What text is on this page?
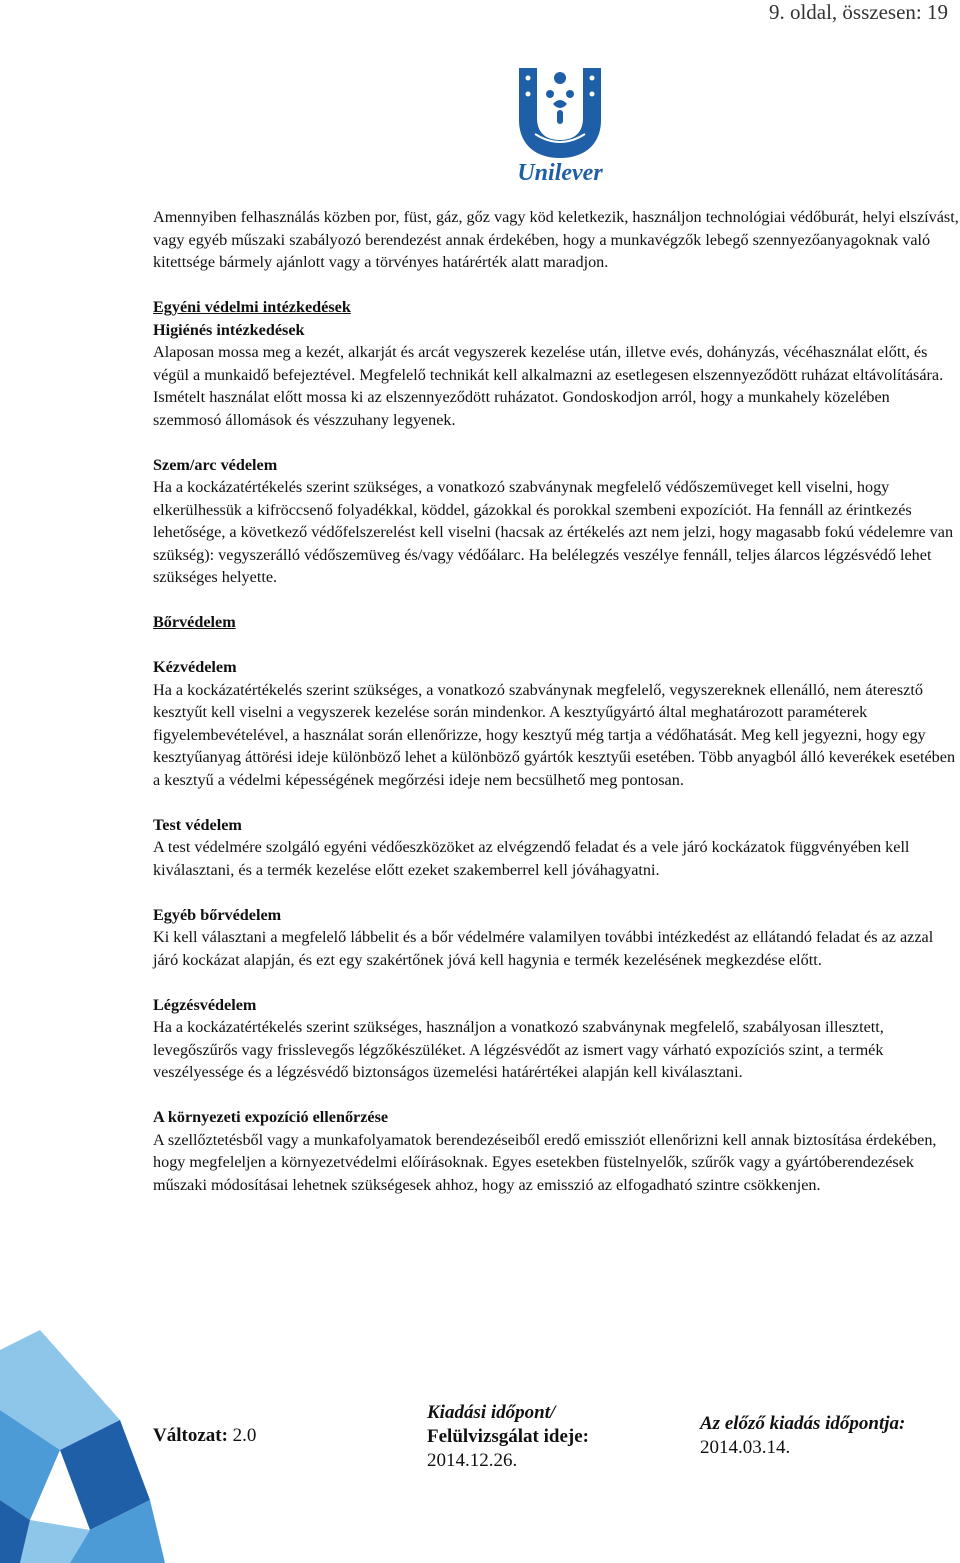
9. oldal, összesen: 19
Unilever

Amennyiben felhasználás közben por, füst, gáz, gőz vagy köd keletkezik, használjon technológiai védőburát, helyi elszívást, vagy egyéb műszaki szabályozó berendezést annak érdekében, hogy a munkavégzők lebegő szennyezőanyagoknak való kitettsége bármely ajánlott vagy a törvényes határérték alatt maradjon.

Egyéni védelmi intézkedések

Higiénés intézkedések

Alaposan mossa meg a kezét, alkarját és arcát vegyszerek kezelése után, illetve evés, dohányzás, vécéhasználat előtt, és végül a munkaidő befejeztével. Megfelelő technikát kell alkalmazni az esetlegesen elszennyeződött ruházat eltávolítására. Ismételt használat előtt mossa ki az elszennyeződött ruházatot. Gondoskodjon arról, hogy a munkahely közelében szemmosó állomások és vészzuhany legyenek.

Szem/arc védelem

Ha a kockázatértékelés szerint szükséges, a vonatkozó szabványnak megfelelő védőszemüveget kell viselni, hogy elkerülhessük a kifröccsenő folyadékkal, köddel, gázokkal és porokkal szembeni expozíciót. Ha fennáll az érintkezés lehetősége, a következő védőfelszerelést kell viselni (hacsak az értékelés azt nem jelzi, hogy magasabb fokú védelemre van szükség): vegyszerálló védőszemüveg és/vagy védőálarc. Ha belélegzés veszélye fennáll, teljes álarcos légzésvédő lehet szükséges helyette.

Bőrvédelem

Kézvédelem

Ha a kockázatértékelés szerint szükséges, a vonatkozó szabványnak megfelelő, vegyszereknek ellenálló, nem áteresztő kesztyűt kell viselni a vegyszerek kezelése során mindenkor. A kesztyűgyártó által meghatározott paraméterek figyelembevételével, a használat során ellenőrizze, hogy kesztyű még tartja a védőhatását. Meg kell jegyezni, hogy egy kesztyűanyag áttörési ideje különböző lehet a különböző gyártók kesztyűi esetében. Több anyagból álló keverékek esetében a kesztyű a védelmi képességének megőrzési ideje nem becsülhető meg pontosan.

Test védelem

A test védelmére szolgáló egyéni védőeszközöket az elvégzendő feladat és a vele járó kockázatok függvényében kell kiválasztani, és a termék kezelése előtt ezeket szakemberrel kell jóváhagyatni.

Egyéb bőrvédelem

Ki kell választani a megfelelő lábbelit és a bőr védelmére valamilyen további intézkedést az ellátandó feladat és az azzal járó kockázat alapján, és ezt egy szakértőnek jóvá kell hagynia e termék kezelésének megkezdése előtt.

Légzésvédelem

Ha a kockázatértékelés szerint szükséges, használjon a vonatkozó szabványnak megfelelő, szabályosan illesztett, levegőszűrős vagy frisslevegős légzőkészüléket. A légzésvédőt az ismert vagy várható expozíciós szint, a termék veszélyessége és a légzésvédő biztonságos üzemelési határértékei alapján kell kiválasztani.

A környezeti expozíció ellenőrzése

A szellőztetésből vagy a munkafolyamatok berendezéseiből eredő emissziót ellenőrizni kell annak biztosítása érdekében, hogy megfeleljen a környezetvédelmi előírásoknak. Egyes esetekben füstelnyelők, szűrők vagy a gyártóberendezések műszaki módosításai lehetnek szükségesek ahhoz, hogy az emisszió az elfogadható szintre csökkenjen.

Változat: 2.0
Kiadási időpont/
Felülvizsgálat ideje:
2014.12.26.
Az előző kiadás időpontja:
2014.03.14.
